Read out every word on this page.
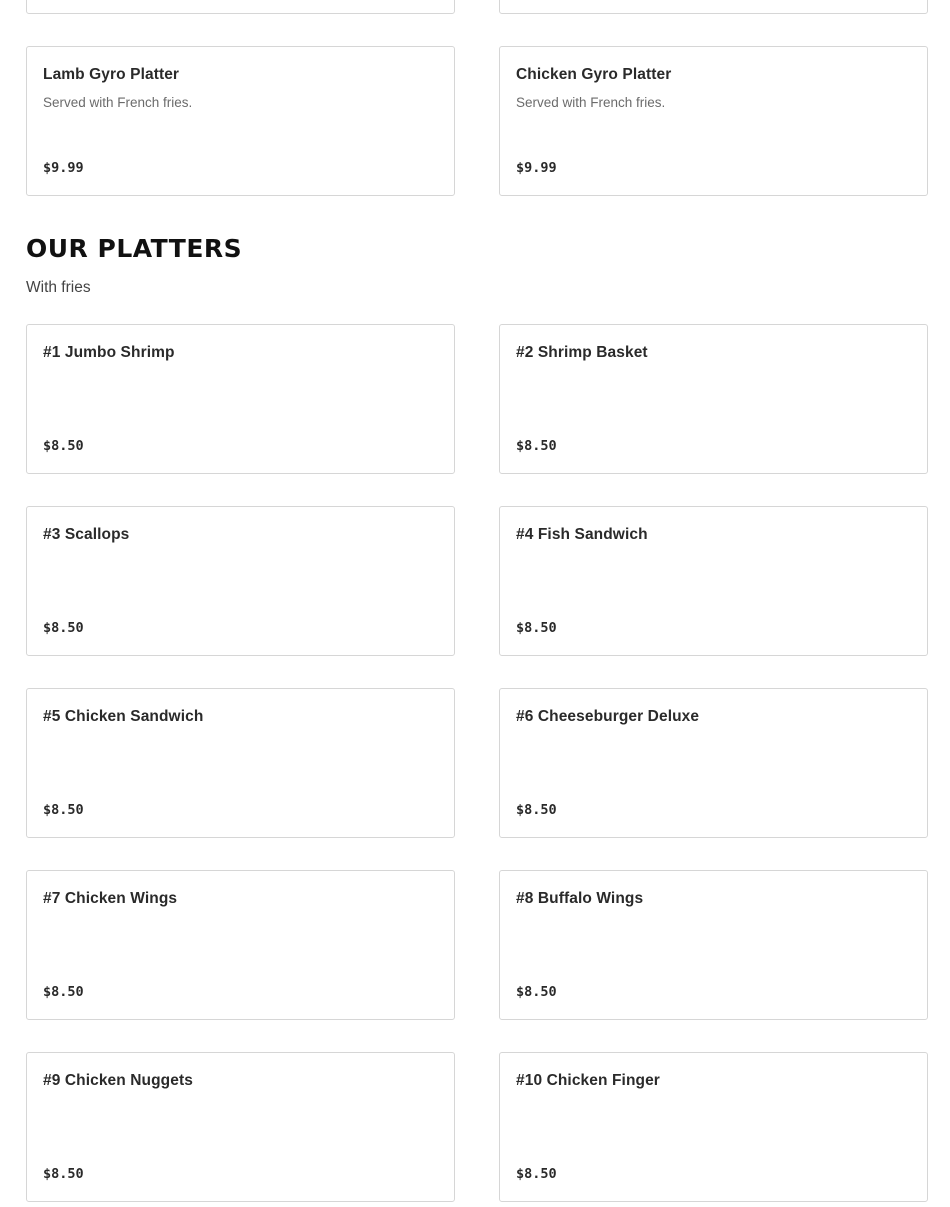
Lamb Gyro Platter
Served with French fries.
$9.99
Chicken Gyro Platter
Served with French fries.
$9.99
OUR PLATTERS
With fries
#1 Jumbo Shrimp
$8.50
#2 Shrimp Basket
$8.50
#3 Scallops
$8.50
#4 Fish Sandwich
$8.50
#5 Chicken Sandwich
$8.50
#6 Cheeseburger Deluxe
$8.50
#7 Chicken Wings
$8.50
#8 Buffalo Wings
$8.50
#9 Chicken Nuggets
$8.50
#10 Chicken Finger
$8.50
